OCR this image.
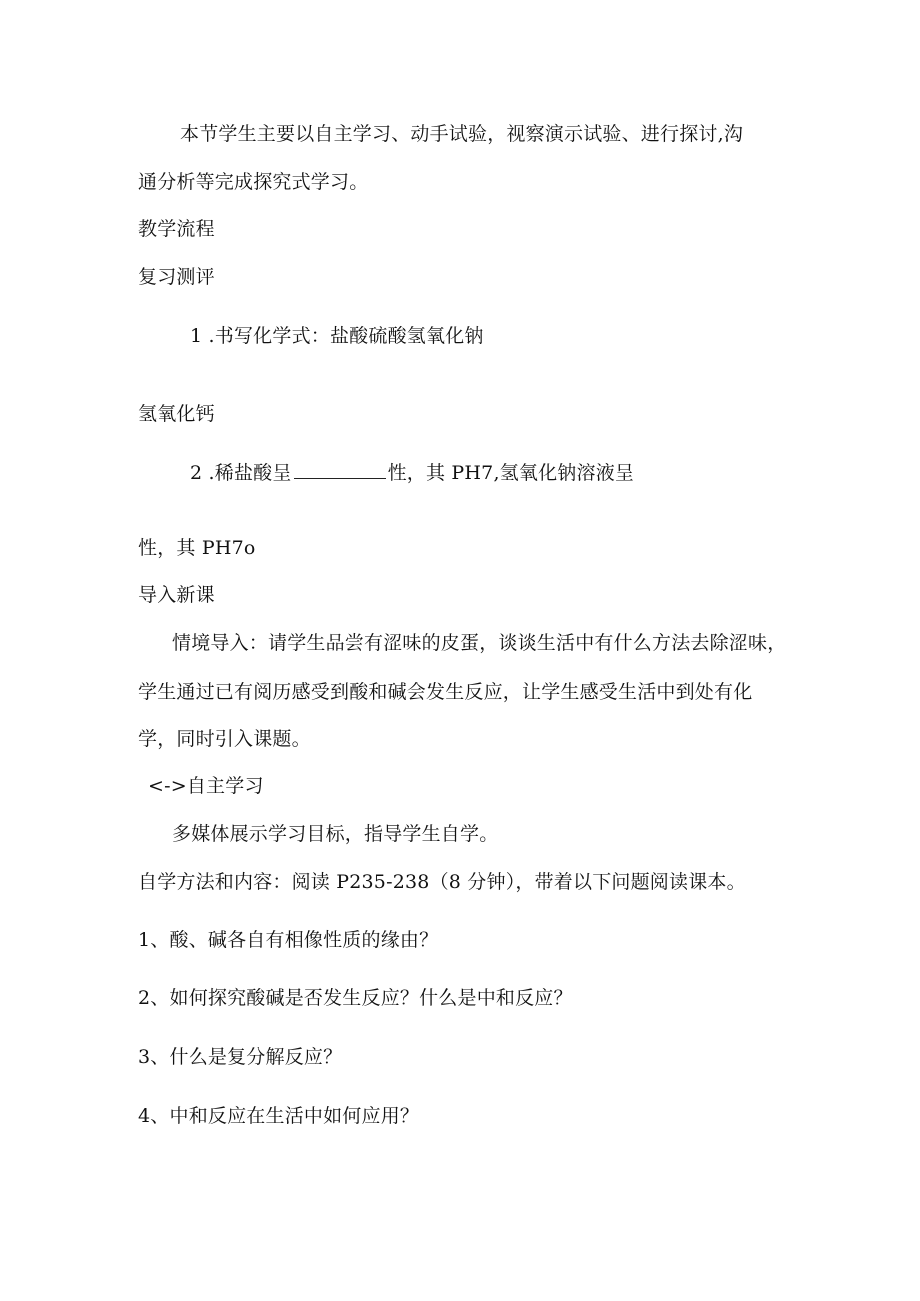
本节学生主要以自主学习、动手试验，视察演示试验、进行探讨,沟
通分析等完成探究式学习。
教学流程
复习测评
1 .书写化学式：盐酸硫酸氢氧化钠
氢氧化钙
2 .稀盐酸呈	性，其 PH7,氢氧化钠溶液呈
性，其 PH7o
导入新课
情境导入：请学生品尝有涩味的皮蛋，谈谈生活中有什么方法去除涩味，
学生通过已有阅历感受到酸和碱会发生反应，让学生感受生活中到处有化
学，同时引入课题。
<->自主学习
多媒体展示学习目标，指导学生自学。
自学方法和内容：阅读 P235-238（8 分钟），带着以下问题阅读课本。
1、酸、碱各自有相像性质的缘由？
2、如何探究酸碱是否发生反应？什么是中和反应？
3、什么是复分解反应？
4、中和反应在生活中如何应用？
